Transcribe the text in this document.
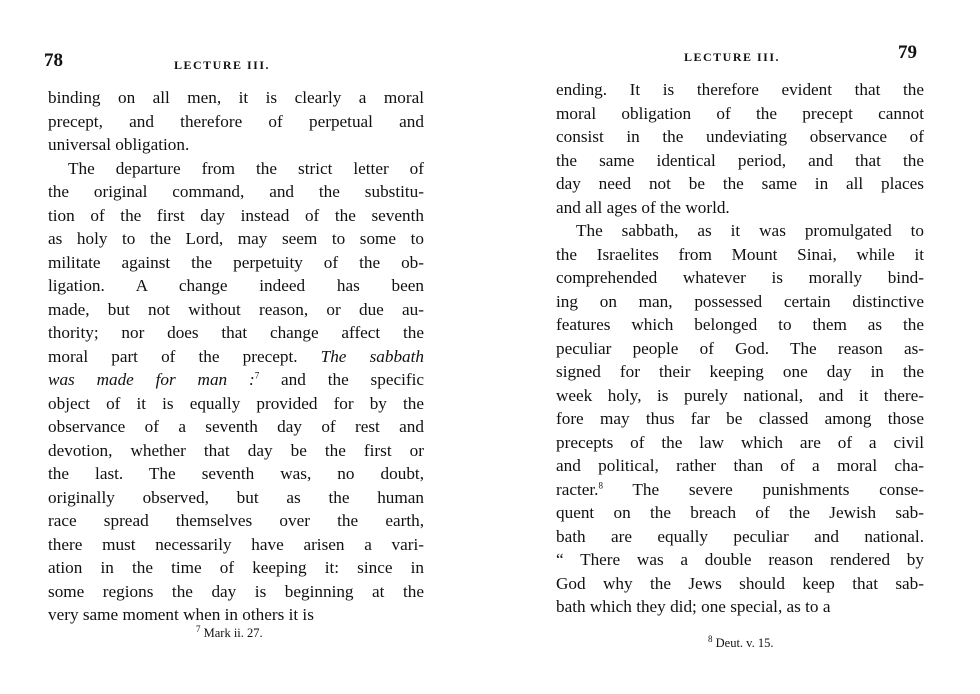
78	LECTURE III.
binding on all men, it is clearly a moral
precept, and therefore of perpetual and
universal obligation.
The departure from the strict letter of
the original command, and the substitu-
tion of the first day instead of the seventh
as holy to the Lord, may seem to some to
militate against the perpetuity of the ob-
ligation. A change indeed has been
made, but not without reason, or due au-
thority; nor does that change affect the
moral part of the precept. The sabbath
was made for man :$^7$ and the specific
object of it is equally provided for by the
observance of a seventh day of rest and
devotion, whether that day be the first or
the last. The seventh was, no doubt,
originally observed, but as the human
race spread themselves over the earth,
there must necessarily have arisen a vari-
ation in the time of keeping it: since in
some regions the day is beginning at the
very same moment when in others it is
$^7$ Mark ii. 27.
LECTURE III.	79
ending. It is therefore evident that the
moral obligation of the precept cannot
consist in the undeviating observance of
the same identical period, and that the
day need not be the same in all places
and all ages of the world.
The sabbath, as it was promulgated to
the Israelites from Mount Sinai, while it
comprehended whatever is morally bind-
ing on man, possessed certain distinctive
features which belonged to them as the
peculiar people of God. The reason as-
signed for their keeping one day in the
week holy, is purely national, and it there-
fore may thus far be classed among those
precepts of the law which are of a civil
and political, rather than of a moral cha-
racter.$^8$ The severe punishments conse-
quent on the breach of the Jewish sab-
bath are equally peculiar and national.
“ There was a double reason rendered by
God why the Jews should keep that sab-
bath which they did; one special, as to a
$^8$ Deut. v. 15.
